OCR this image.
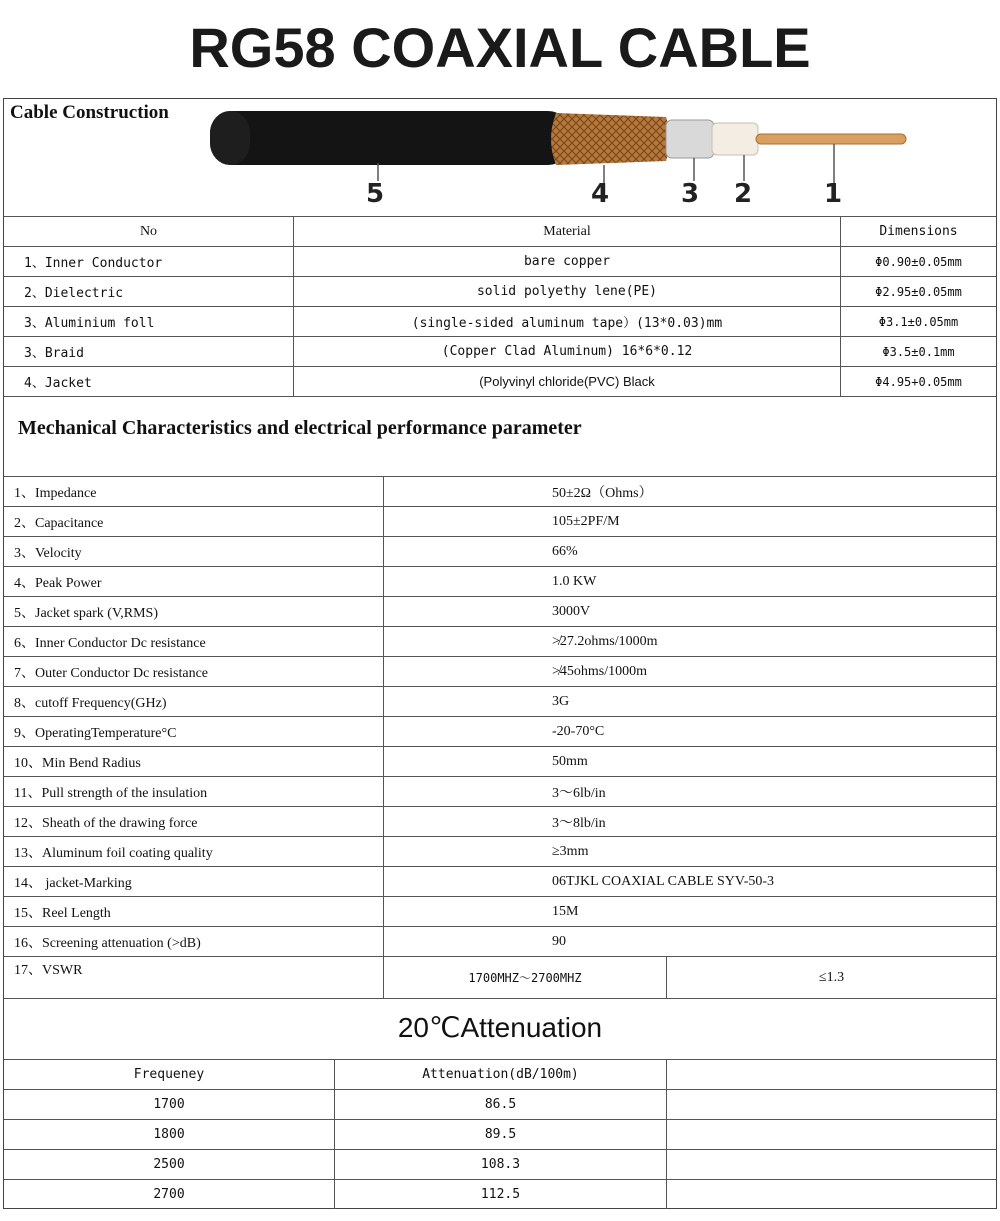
RG58 COAXIAL CABLE
Cable Construction
5	4	3 2	1
No	Material	Dimensions
1、Inner Conductor	bare copper	Φ0.90±0.05mm
2、Dielectric	solid polyethy lene(PE)	Φ2.95±0.05mm
3、Aluminium foll	(single-sided aluminum tape）(13*0.03)mm	Φ3.1±0.05mm
3、Braid	(Copper Clad Aluminum) 16*6*0.12	Φ3.5±0.1mm
4、Jacket	(Polyvinyl chloride(PVC) Black	Φ4.95+0.05mm
Mechanical Characteristics and electrical performance parameter
1、Impedance	50±2Ω（Ohms）
2、Capacitance	105±2PF/M
3、Velocity	66%
4、Peak Power	1.0 KW
5、Jacket spark (V,RMS)	3000V
6、Inner Conductor Dc resistance	≯27.2ohms/1000m
7、Outer Conductor Dc resistance	≯45ohms/1000m
8、cutoff Frequency(GHz)	3G
9、OperatingTemperature°C	-20-70°C
10、Min Bend Radius	50mm
11、Pull strength of the insulation	3～6lb/in
12、Sheath of the drawing force	3～8lb/in
13、Aluminum foil coating quality	≥3mm
14、 jacket-Marking	06TJKL COAXIAL CABLE SYV-50-3
15、Reel Length	15M
16、Screening attenuation (>dB)	90
17、VSWR	1700MHZ～2700MHZ	≤1.3
20℃Attenuation
Frequeney	Attenuation(dB/100m)
1700	86.5
1800	89.5
2500	108.3
2700	112.5
